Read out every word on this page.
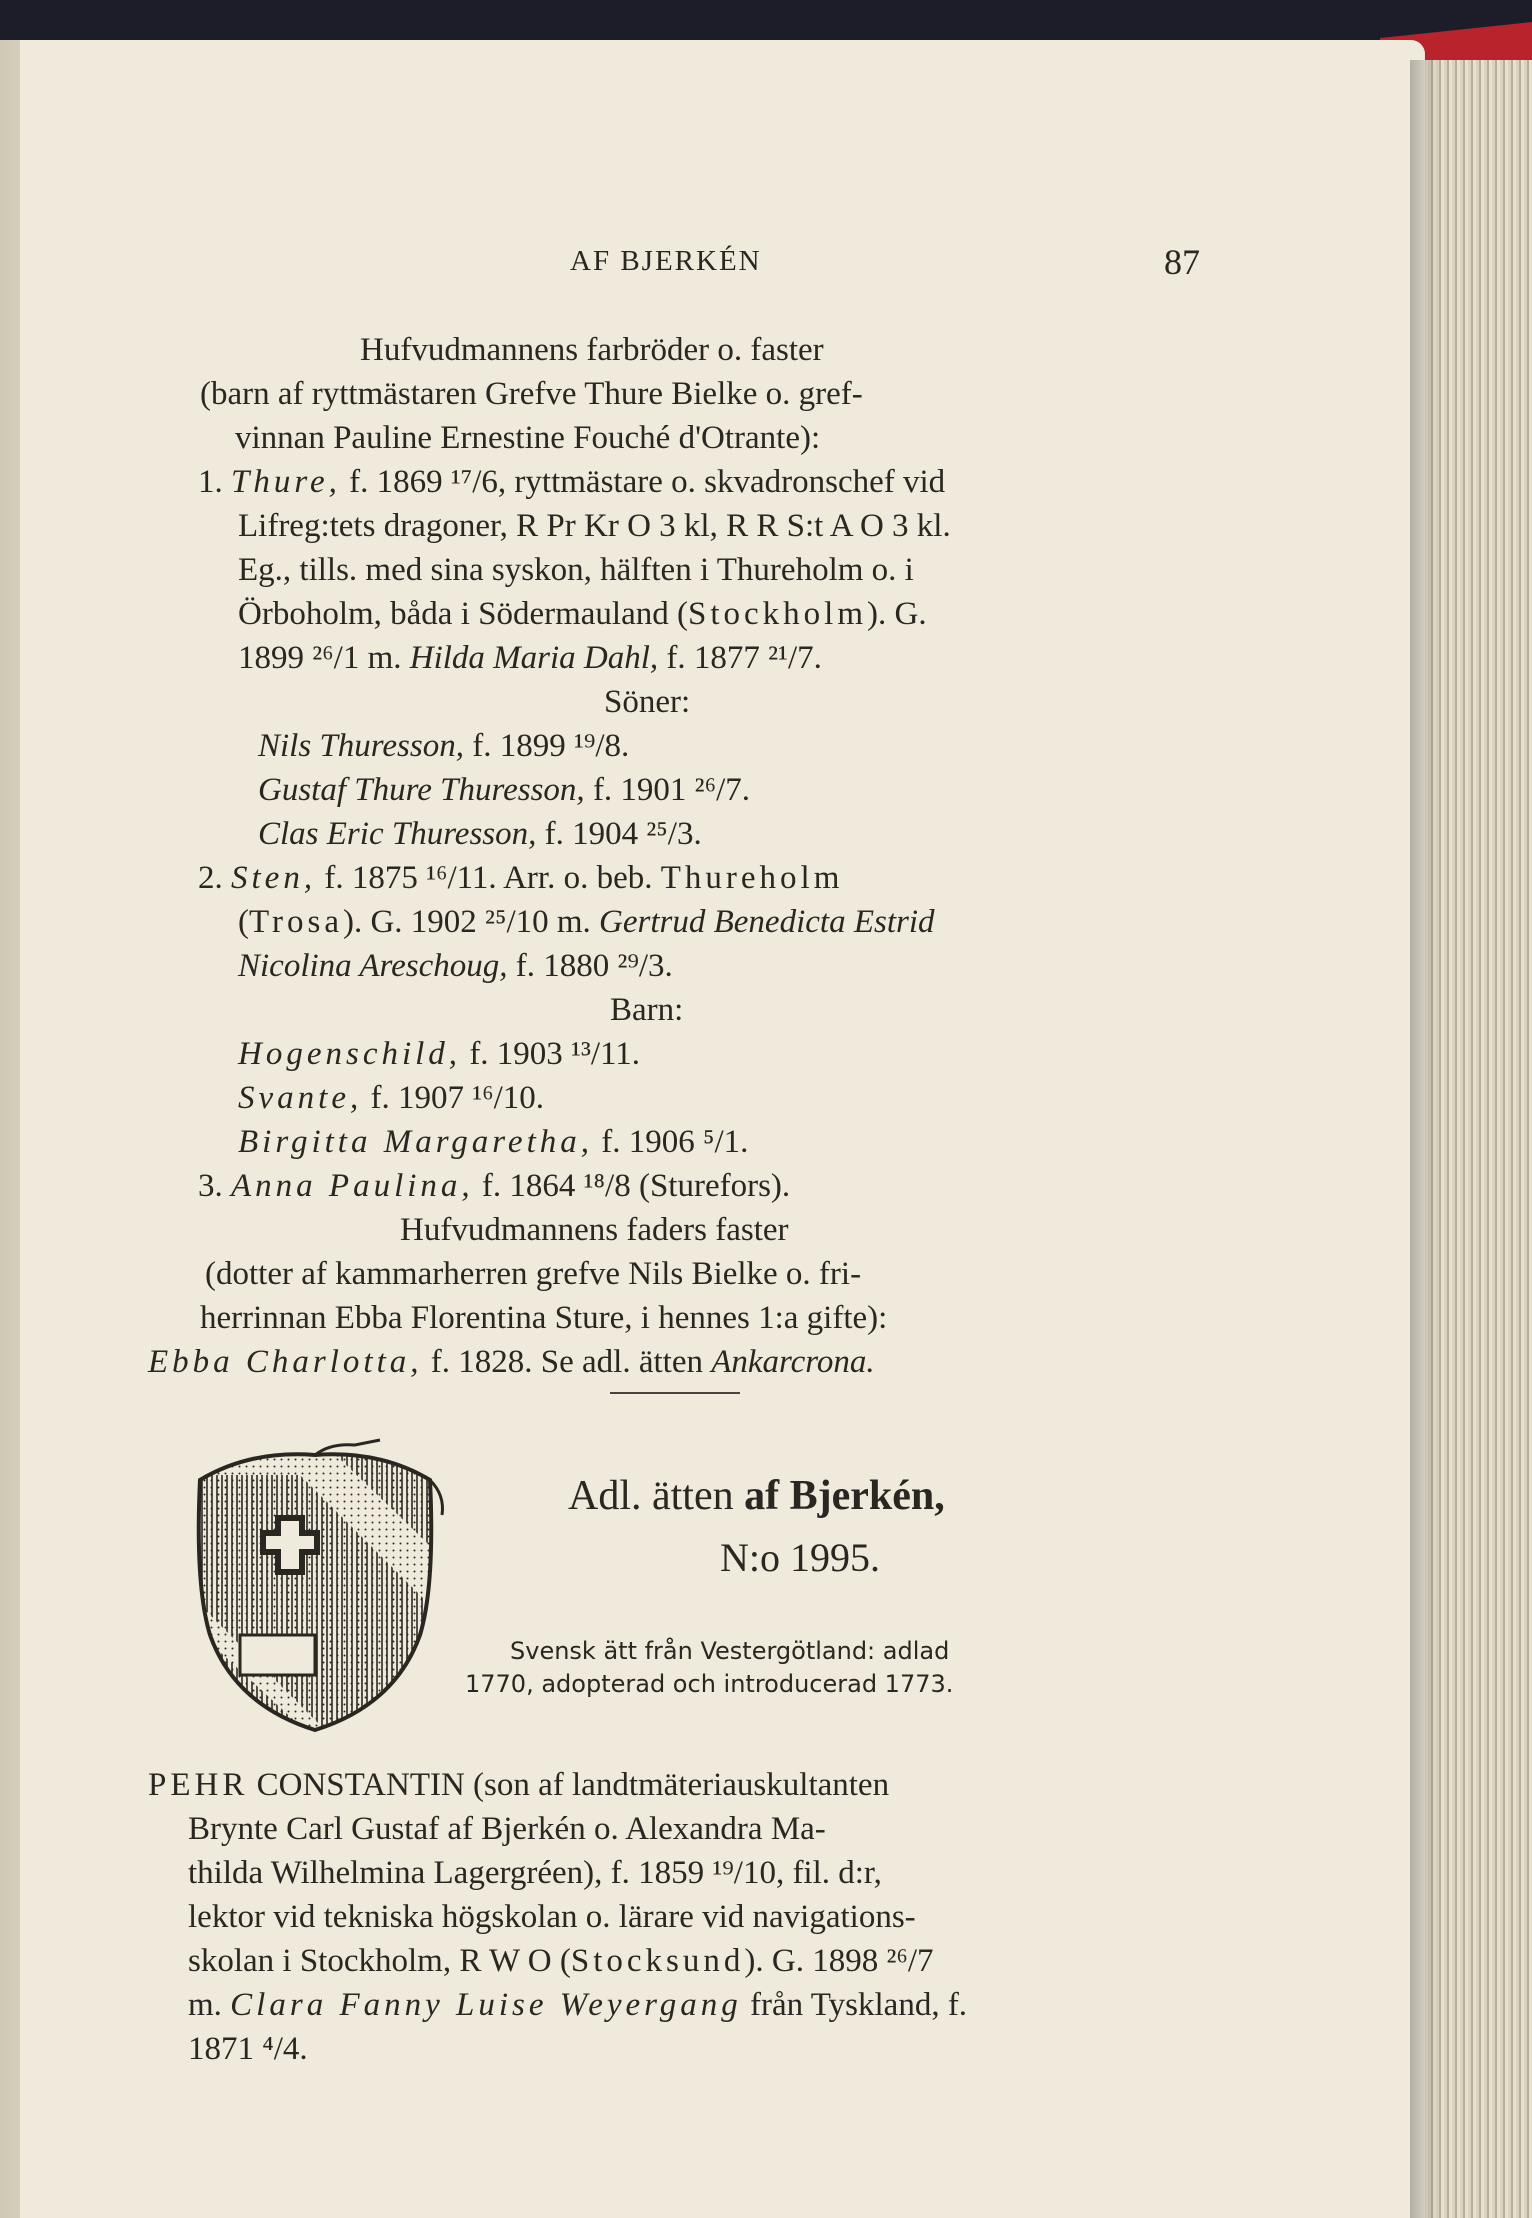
AF BJERKÉN	87
Hufvudmannens farbröder o. faster
(barn af ryttmästaren Grefve Thure Bielke o. gref-
vinnan Pauline Ernestine Fouché d'Otrante):
1. Thure, f. 1869 ¹⁷/6, ryttmästare o. skvadronschef vid
Lifreg:tets dragoner, R Pr Kr O 3 kl, R R S:t A O 3 kl.
Eg., tills. med sina syskon, hälften i Thureholm o. i
Örboholm, båda i Södermauland (Stockholm). G.
1899 ²⁶/1 m. Hilda Maria Dahl, f. 1877 ²¹/7.
Söner:
Nils Thuresson, f. 1899 ¹⁹/8.
Gustaf Thure Thuresson, f. 1901 ²⁶/7.
Clas Eric Thuresson, f. 1904 ²⁵/3.
2. Sten, f. 1875 ¹⁶/11. Arr. o. beb. Thureholm
(Trosa). G. 1902 ²⁵/10 m. Gertrud Benedicta Estrid
Nicolina Areschoug, f. 1880 ²⁹/3.
Barn:
Hogenschild, f. 1903 ¹³/11.
Svante, f. 1907 ¹⁶/10.
Birgitta Margaretha, f. 1906 ⁵/1.
3. Anna Paulina, f. 1864 ¹⁸/8 (Sturefors).
Hufvudmannens faders faster
(dotter af kammarherren grefve Nils Bielke o. fri-
herrinnan Ebba Florentina Sture, i hennes 1:a gifte):
Ebba Charlotta, f. 1828. Se adl. ätten Ankarcrona.
Adl. ätten af Bjerkén,
N:o 1995.
Svensk ätt från Vestergötland: adlad
1770, adopterad och introducerad 1773.
PEHR CONSTANTIN (son af landtmäteriauskultanten
Brynte Carl Gustaf af Bjerkén o. Alexandra Ma-
thilda Wilhelmina Lagergréen), f. 1859 ¹⁹/10, fil. d:r,
lektor vid tekniska högskolan o. lärare vid navigations-
skolan i Stockholm, R W O (Stocksund). G. 1898 ²⁶/7
m. Clara Fanny Luise Weyergang från Tyskland, f.
1871 ⁴/4.
